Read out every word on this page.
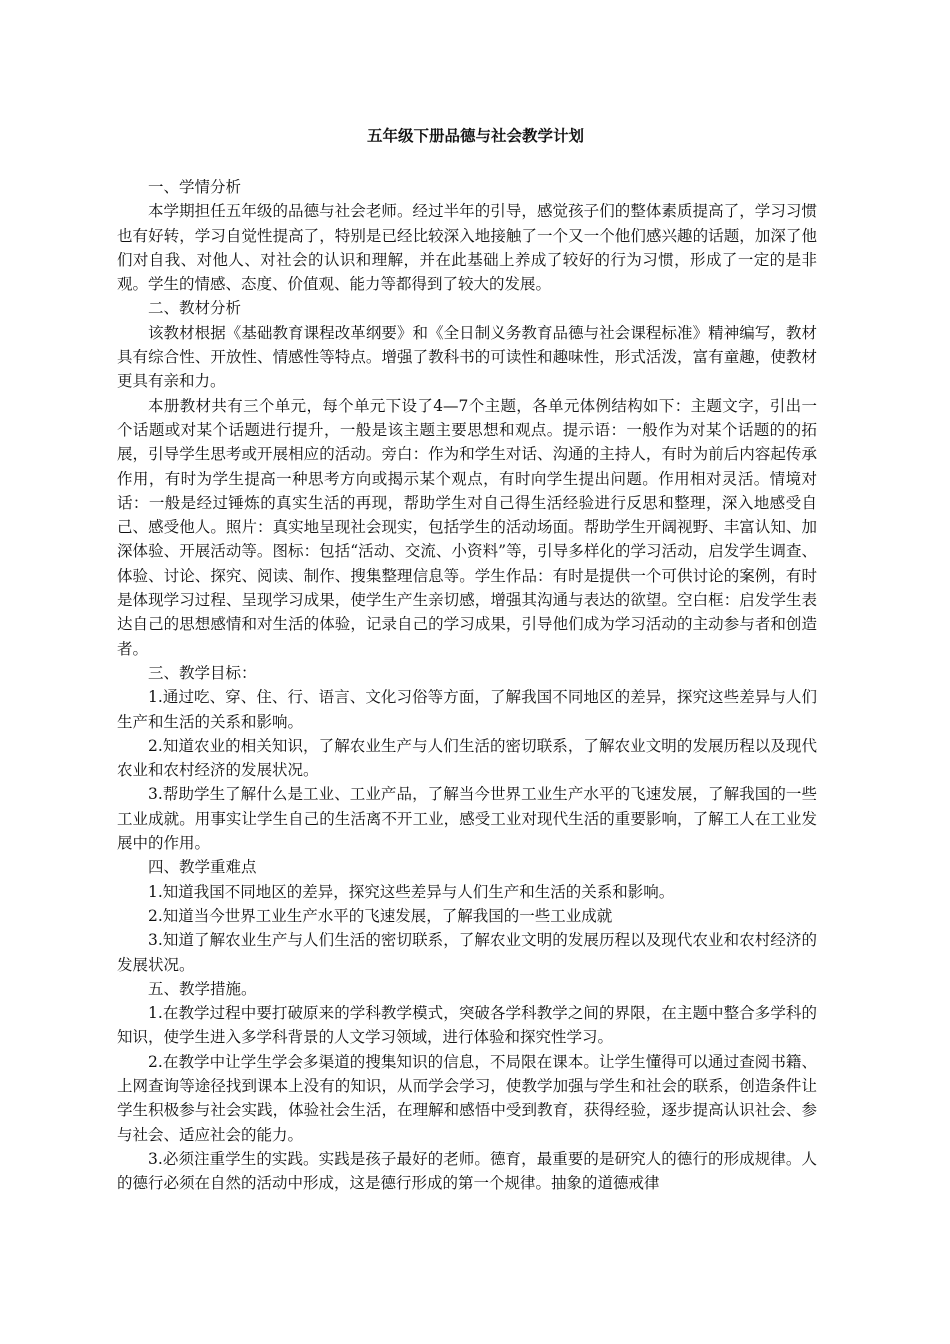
五年级下册品德与社会教学计划

一、学情分析

本学期担任五年级的品德与社会老师。经过半年的引导，感觉孩子们的整体素质提高了，学习习惯也有好转，学习自觉性提高了，特别是已经比较深入地接触了一个又一个他们感兴趣的话题，加深了他们对自我、对他人、对社会的认识和理解，并在此基础上养成了较好的行为习惯，形成了一定的是非观。学生的情感、态度、价值观、能力等都得到了较大的发展。

二、教材分析

该教材根据《基础教育课程改革纲要》和《全日制义务教育品德与社会课程标准》精神编写，教材具有综合性、开放性、情感性等特点。增强了教科书的可读性和趣味性，形式活泼，富有童趣，使教材更具有亲和力。

本册教材共有三个单元，每个单元下设了4—7个主题，各单元体例结构如下：主题文字，引出一个话题或对某个话题进行提升，一般是该主题主要思想和观点。提示语：一般作为对某个话题的的拓展，引导学生思考或开展相应的活动。旁白：作为和学生对话、沟通的主持人，有时为前后内容起传承作用，有时为学生提高一种思考方向或揭示某个观点，有时向学生提出问题。作用相对灵活。情境对话：一般是经过锤炼的真实生活的再现，帮助学生对自己得生活经验进行反思和整理，深入地感受自己、感受他人。照片：真实地呈现社会现实，包括学生的活动场面。帮助学生开阔视野、丰富认知、加深体验、开展活动等。图标：包括“活动、交流、小资料”等，引导多样化的学习活动，启发学生调查、体验、讨论、探究、阅读、制作、搜集整理信息等。学生作品：有时是提供一个可供讨论的案例，有时是体现学习过程、呈现学习成果，使学生产生亲切感，增强其沟通与表达的欲望。空白框：启发学生表达自己的思想感情和对生活的体验，记录自己的学习成果，引导他们成为学习活动的主动参与者和创造者。

三、教学目标：

1.通过吃、穿、住、行、语言、文化习俗等方面，了解我国不同地区的差异，探究这些差异与人们生产和生活的关系和影响。

2.知道农业的相关知识，了解农业生产与人们生活的密切联系，了解农业文明的发展历程以及现代农业和农村经济的发展状况。

3.帮助学生了解什么是工业、工业产品，了解当今世界工业生产水平的飞速发展，了解我国的一些工业成就。用事实让学生自己的生活离不开工业，感受工业对现代生活的重要影响，了解工人在工业发展中的作用。

四、教学重难点

1.知道我国不同地区的差异，探究这些差异与人们生产和生活的关系和影响。

2.知道当今世界工业生产水平的飞速发展，了解我国的一些工业成就

3.知道了解农业生产与人们生活的密切联系，了解农业文明的发展历程以及现代农业和农村经济的发展状况。

五、教学措施。

1.在教学过程中要打破原来的学科教学模式，突破各学科教学之间的界限，在主题中整合多学科的知识，使学生进入多学科背景的人文学习领域，进行体验和探究性学习。

2.在教学中让学生学会多渠道的搜集知识的信息，不局限在课本。让学生懂得可以通过查阅书籍、上网查询等途径找到课本上没有的知识，从而学会学习，使教学加强与学生和社会的联系，创造条件让学生积极参与社会实践，体验社会生活，在理解和感悟中受到教育，获得经验，逐步提高认识社会、参与社会、适应社会的能力。

3.必须注重学生的实践。实践是孩子最好的老师。德育，最重要的是研究人的德行的形成规律。人的德行必须在自然的活动中形成，这是德行形成的第一个规律。抽象的道德戒律
